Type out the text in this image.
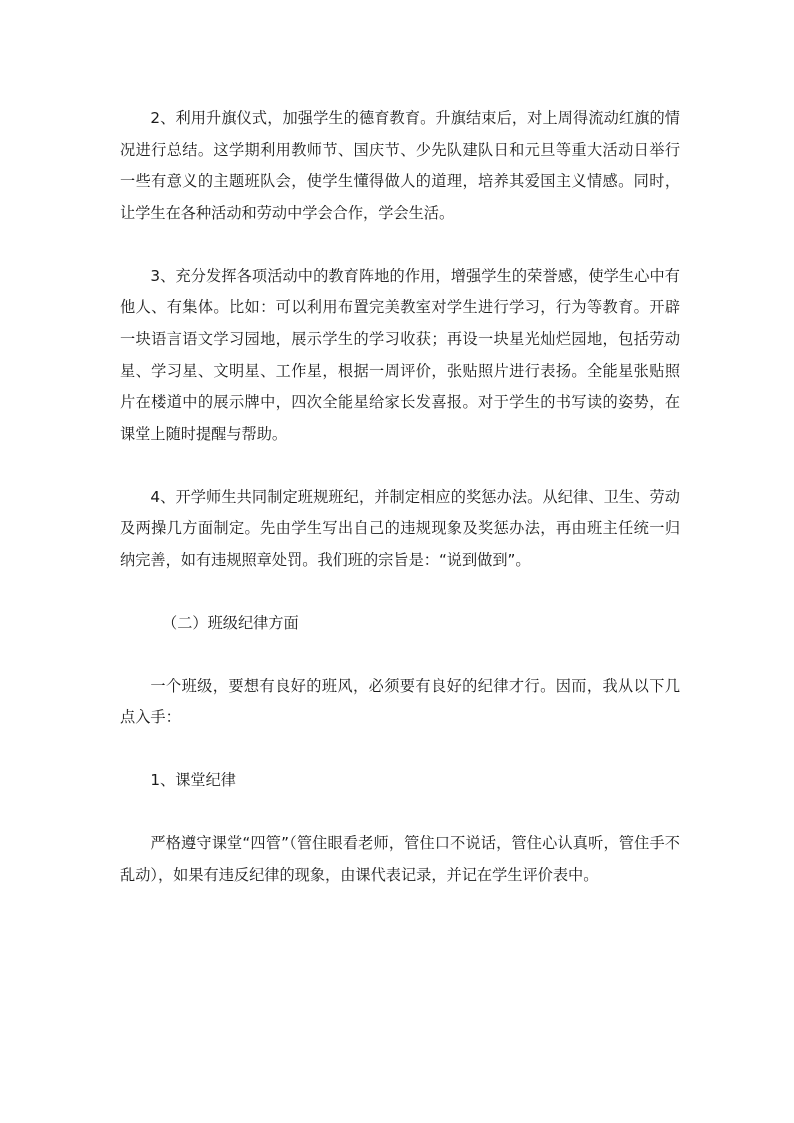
2、利用升旗仪式，加强学生的德育教育。升旗结束后，对上周得流动红旗的情况进行总结。这学期利用教师节、国庆节、少先队建队日和元旦等重大活动日举行一些有意义的主题班队会，使学生懂得做人的道理，培养其爱国主义情感。同时，让学生在各种活动和劳动中学会合作，学会生活。

3、充分发挥各项活动中的教育阵地的作用，增强学生的荣誉感，使学生心中有他人、有集体。比如：可以利用布置完美教室对学生进行学习，行为等教育。开辟一块语言语文学习园地，展示学生的学习收获；再设一块星光灿烂园地，包括劳动星、学习星、文明星、工作星，根据一周评价，张贴照片进行表扬。全能星张贴照片在楼道中的展示牌中，四次全能星给家长发喜报。对于学生的书写读的姿势，在课堂上随时提醒与帮助。

4、开学师生共同制定班规班纪，并制定相应的奖惩办法。从纪律、卫生、劳动及两操几方面制定。先由学生写出自己的违规现象及奖惩办法，再由班主任统一归纳完善，如有违规照章处罚。我们班的宗旨是：“说到做到”。

（二）班级纪律方面

一个班级，要想有良好的班风，必须要有良好的纪律才行。因而，我从以下几点入手：

1、课堂纪律

严格遵守课堂“四管”（管住眼看老师，管住口不说话，管住心认真听，管住手不乱动），如果有违反纪律的现象，由课代表记录，并记在学生评价表中。
